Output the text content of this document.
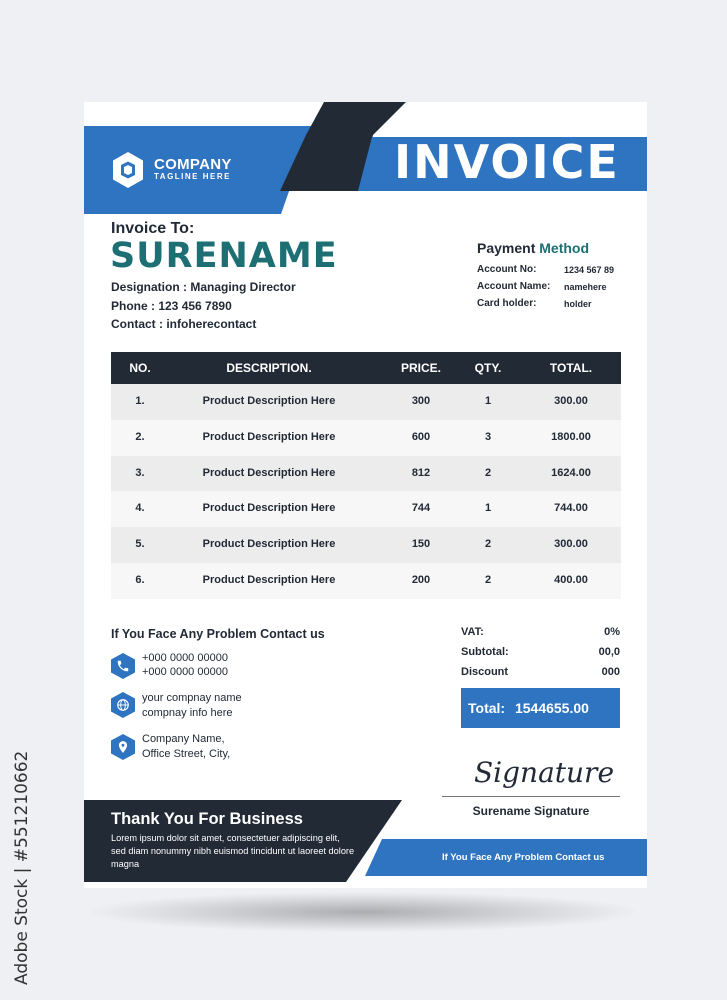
COMPANY
TAGLINE HERE	INVOICE
Invoice To:
SURENAME
Designation : Managing Director
Phone : 123 456 7890
Contact : infoherecontact
Payment Method
Account No:	1234 567 89
Account Name: namehere
Card holder:	holder
NO.	DESCRIPTION.	PRICE.	QTY.	TOTAL.
1.	Product Description Here	300	1	300.00
2.	Product Description Here	600	3	1800.00
3.	Product Description Here	812	2	1624.00
4.	Product Description Here	744	1	744.00
5.	Product Description Here	150	2	300.00
6.	Product Description Here	200	2	400.00
If You Face Any Problem Contact us
+000 0000 00000
+000 0000 00000
your compnay name
compnay info here
Company Name,
Office Street, City,
VAT:	0%
Subtotal:	00,0
Discount	000
Total: 1544655.00
Signature
Surename Signature
Thank You For Business
Lorem ipsum dolor sit amet, consectetuer adipiscing elit, sed diam nonummy nibh euismod tincidunt ut laoreet dolore magna
If You Face Any Problem Contact us
Adobe Stock | #551210662
